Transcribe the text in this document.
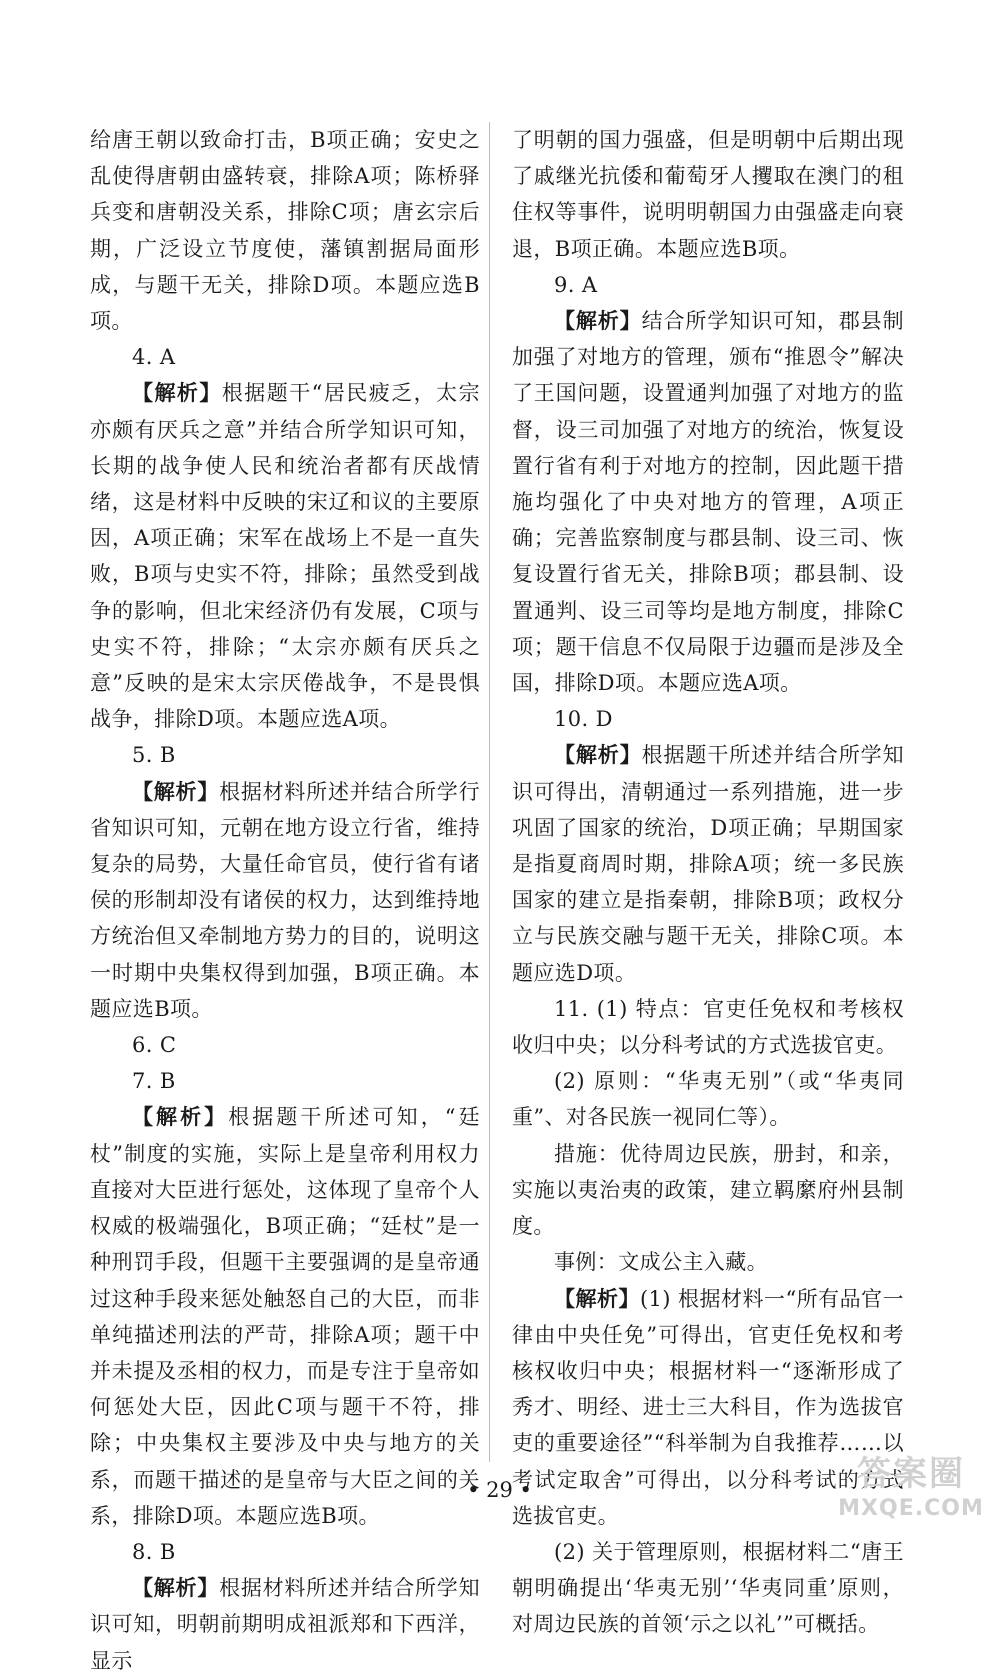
给唐王朝以致命打击，B项正确；安史之乱使得唐朝由盛转衰，排除A项；陈桥驿兵变和唐朝没关系，排除C项；唐玄宗后期，广泛设立节度使，藩镇割据局面形成，与题干无关，排除D项。本题应选B项。

4. A

【解析】根据题干“居民疲乏，太宗亦颇有厌兵之意”并结合所学知识可知，长期的战争使人民和统治者都有厌战情绪，这是材料中反映的宋辽和议的主要原因，A项正确；宋军在战场上不是一直失败，B项与史实不符，排除；虽然受到战争的影响，但北宋经济仍有发展，C项与史实不符，排除；“太宗亦颇有厌兵之意”反映的是宋太宗厌倦战争，不是畏惧战争，排除D项。本题应选A项。

5. B

【解析】根据材料所述并结合所学行省知识可知，元朝在地方设立行省，维持复杂的局势，大量任命官员，使行省有诸侯的形制却没有诸侯的权力，达到维持地方统治但又牵制地方势力的目的，说明这一时期中央集权得到加强，B项正确。本题应选B项。

6. C

7. B

【解析】根据题干所述可知，“廷杖”制度的实施，实际上是皇帝利用权力直接对大臣进行惩处，这体现了皇帝个人权威的极端强化，B项正确；“廷杖”是一种刑罚手段，但题干主要强调的是皇帝通过这种手段来惩处触怒自己的大臣，而非单纯描述刑法的严苛，排除A项；题干中并未提及丞相的权力，而是专注于皇帝如何惩处大臣，因此C项与题干不符，排除；中央集权主要涉及中央与地方的关系，而题干描述的是皇帝与大臣之间的关系，排除D项。本题应选B项。

8. B

【解析】根据材料所述并结合所学知识可知，明朝前期明成祖派郑和下西洋，显示

了明朝的国力强盛，但是明朝中后期出现了戚继光抗倭和葡萄牙人攫取在澳门的租住权等事件，说明明朝国力由强盛走向衰退，B项正确。本题应选B项。

9. A

【解析】结合所学知识可知，郡县制加强了对地方的管理，颁布“推恩令”解决了王国问题，设置通判加强了对地方的监督，设三司加强了对地方的统治，恢复设置行省有利于对地方的控制，因此题干措施均强化了中央对地方的管理，A项正确；完善监察制度与郡县制、设三司、恢复设置行省无关，排除B项；郡县制、设置通判、设三司等均是地方制度，排除C项；题干信息不仅局限于边疆而是涉及全国，排除D项。本题应选A项。

10. D

【解析】根据题干所述并结合所学知识可得出，清朝通过一系列措施，进一步巩固了国家的统治，D项正确；早期国家是指夏商周时期，排除A项；统一多民族国家的建立是指秦朝，排除B项；政权分立与民族交融与题干无关，排除C项。本题应选D项。

11. (1) 特点：官吏任免权和考核权收归中央；以分科考试的方式选拔官吏。

(2) 原则：“华夷无别”（或“华夷同重”、对各民族一视同仁等）。

措施：优待周边民族，册封，和亲，实施以夷治夷的政策，建立羁縻府州县制度。

事例：文成公主入藏。

【解析】(1) 根据材料一“所有品官一律由中央任免”可得出，官吏任免权和考核权收归中央；根据材料一“逐渐形成了秀才、明经、进士三大科目，作为选拔官吏的重要途径”“科举制为自我推荐……以考试定取舍”可得出，以分科考试的方式选拔官吏。

(2) 关于管理原则，根据材料二“唐王朝明确提出‘华夷无别’‘华夷同重’原则，对周边民族的首领‘示之以礼’”可概括。

• 29 •	答案圈
MXQE.COM
